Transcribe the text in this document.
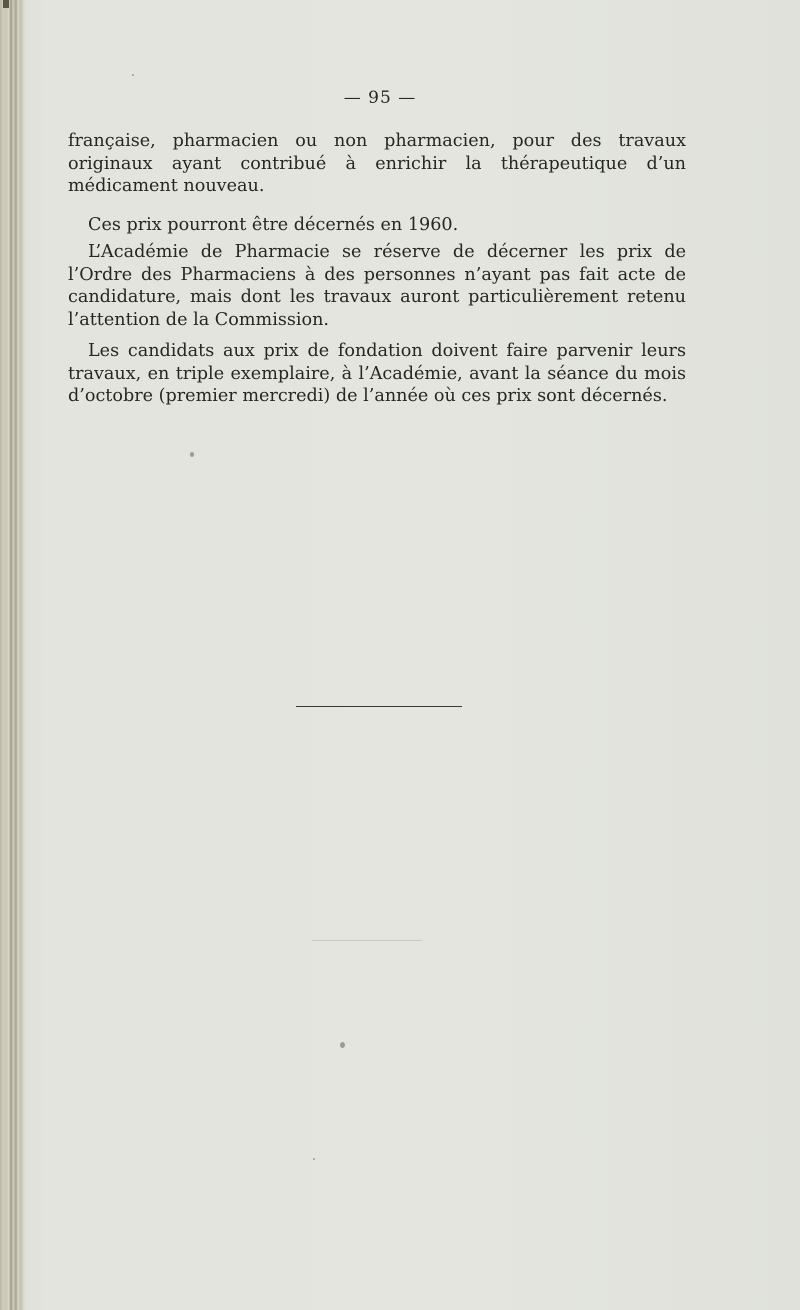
— 95 —

française, pharmacien ou non pharmacien, pour des travaux originaux ayant contribué à enrichir la thérapeutique d’un médicament nouveau.

Ces prix pourront être décernés en 1960.

L’Académie de Pharmacie se réserve de décerner les prix de l’Ordre des Pharmaciens à des personnes n’ayant pas fait acte de candidature, mais dont les travaux auront particulièrement retenu l’attention de la Commission.

Les candidats aux prix de fondation doivent faire parvenir leurs travaux, en triple exemplaire, à l’Académie, avant la séance du mois d’octobre (premier mercredi) de l’année où ces prix sont décernés.
